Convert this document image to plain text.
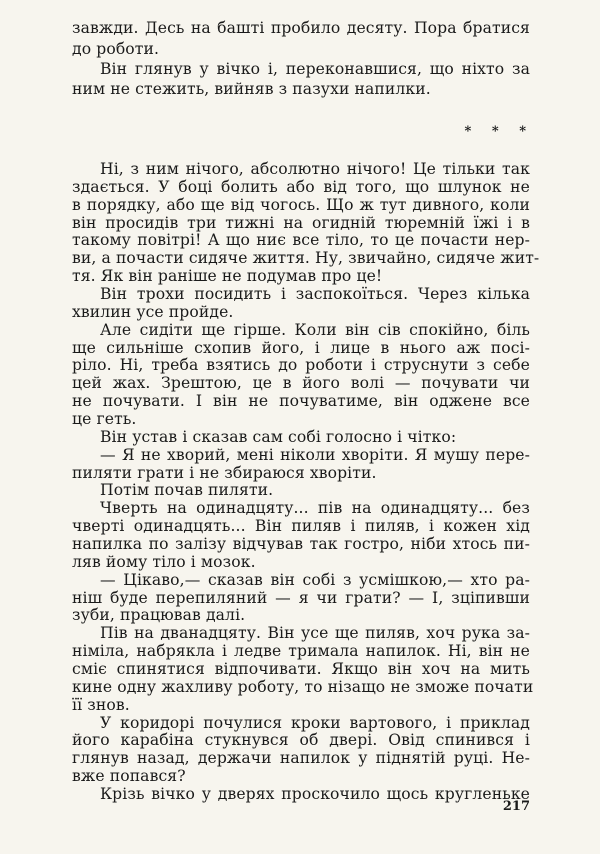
* * *
217
завжди. Десь на башті пробило десяту. Пора братися
до роботи.
Він глянув у вічко і, переконавшися, що ніхто за
ним не стежить, вийняв з пазухи напилки.
Ні, з ним нічого, абсолютно нічого! Це тільки так
здається. У боці болить або від того, що шлунок не
в порядку, або ще від чогось. Що ж тут дивного, коли
він просидів три тижні на огидній тюремній їжі і в
такому повітрі! А що ниє все тіло, то це почасти нер-
ви, а почасти сидяче життя. Ну, звичайно, сидяче жит-
тя. Як він раніше не подумав про це!
Він трохи посидить і заспокоїться. Через кілька
хвилин усе пройде.
Але сидіти ще гірше. Коли він сів спокійно, біль
ще сильніше схопив його, і лице в нього аж посі-
ріло. Ні, треба взятись до роботи і струснути з себе
цей жах. Зрештою, це в його волі — почувати чи
не почувати. І він не почуватиме, він оджене все
це геть.
Він устав і сказав сам собі голосно і чітко:
— Я не хворий, мені ніколи хворіти. Я мушу пере-
пиляти грати і не збираюся хворіти.
Потім почав пиляти.
Чверть на одинадцяту... пів на одинадцяту... без
чверті одинадцять... Він пиляв і пиляв, і кожен хід
напилка по залізу відчував так гостро, ніби хтось пи-
ляв йому тіло і мозок.
— Цікаво,— сказав він собі з усмішкою,— хто ра-
ніш буде перепиляний — я чи грати? — І, зціпивши
зуби, працював далі.
Пів на дванадцяту. Він усе ще пиляв, хоч рука за-
німіла, набрякла і ледве тримала напилок. Ні, він не
сміє спинятися відпочивати. Якщо він хоч на мить
кине одну жахливу роботу, то нізащо не зможе почати
її знов.
У коридорі почулися кроки вартового, і приклад
його карабіна стукнувся об двері. Овід спинився і
глянув назад, держачи напилок у піднятій руці. Не-
вже попався?
Крізь вічко у дверях проскочило щось кругленьке
